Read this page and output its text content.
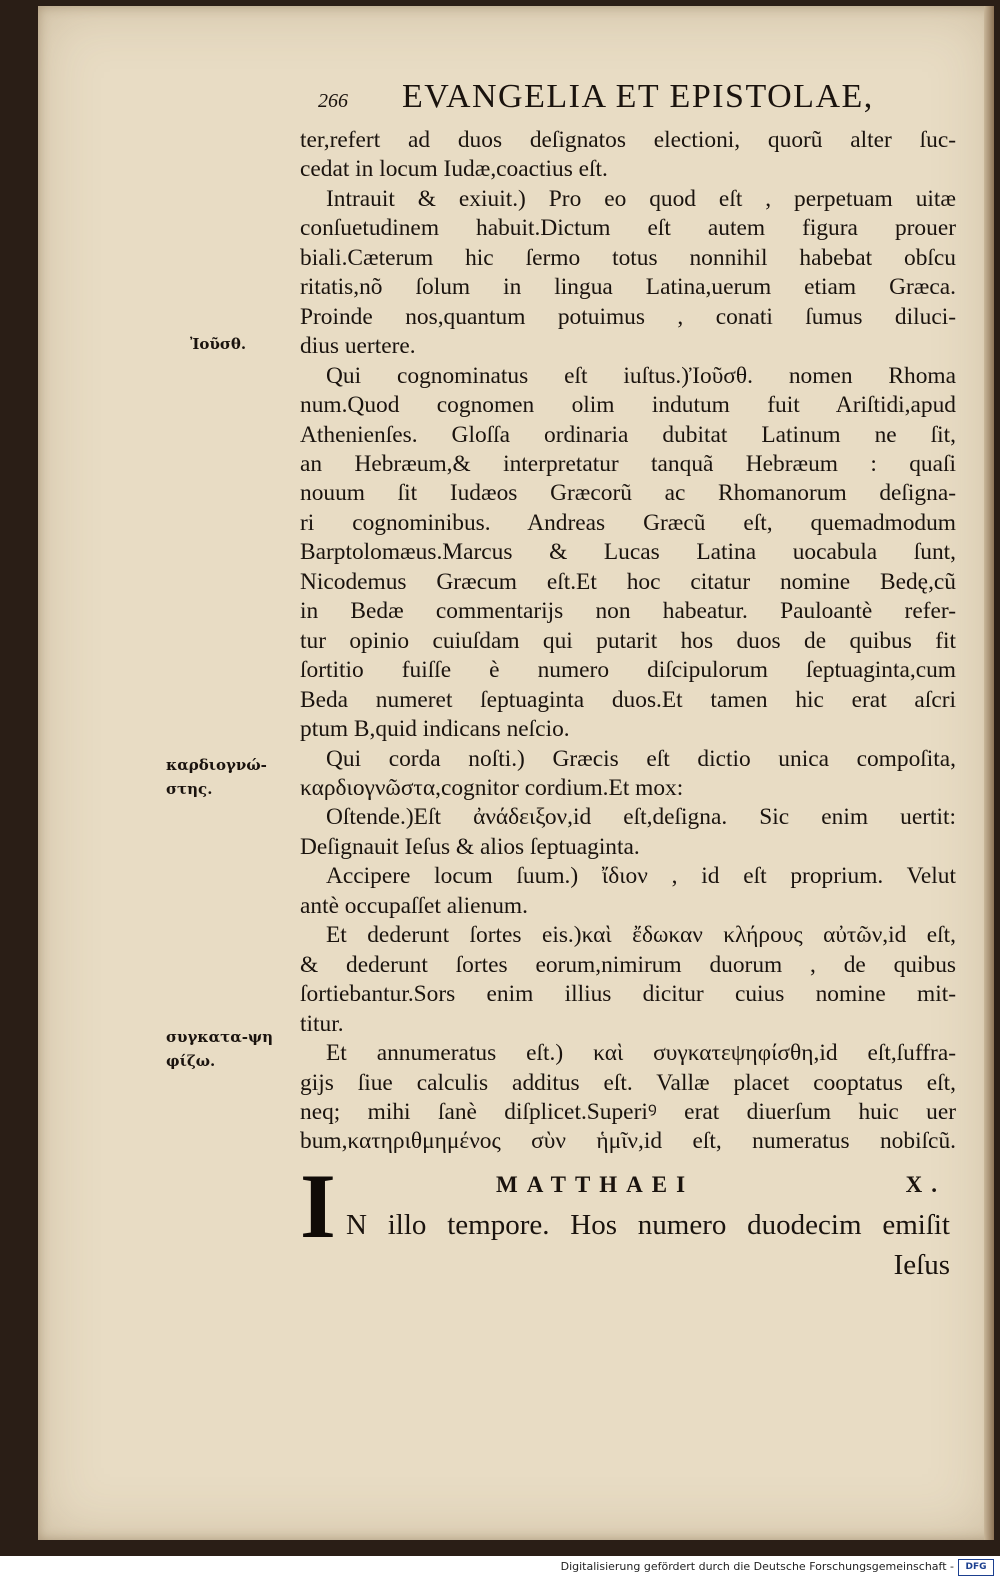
266 EVANGELIA ET EPISTOLAE,
Ἰοῦσθ.
καρδιογνώ-
στης.
συγκατα-ψη
φίζω.
ter,refert ad duos deſignatos electioni, quorũ alter ſuc-
cedat in locum Iudæ,coactius eſt.
Intrauit & exiuit.) Pro eo quod eſt , perpetuam uitæ
conſuetudinem habuit.Dictum eſt autem figura prouer
biali.Cæterum hic ſermo totus nonnihil habebat obſcu
ritatis,nõ ſolum in lingua Latina,uerum etiam Græca.
Proinde nos,quantum potuimus , conati ſumus diluci-
dius uertere.
Qui cognominatus eſt iuſtus.)Ἰοῦσθ. nomen Rhoma
num.Quod cognomen olim indutum fuit Ariſtidi,apud
Athenienſes. Gloſſa ordinaria dubitat Latinum ne ſit,
an Hebræum,& interpretatur tanquã Hebræum : quaſi
nouum ſit Iudæos Græcorũ ac Rhomanorum deſigna-
ri cognominibus. Andreas Græcũ eſt, quemadmodum
Barptolomæus.Marcus & Lucas Latina uocabula ſunt,
Nicodemus Græcum eſt.Et hoc citatur nomine Bedę,cũ
in Bedæ commentarijs non habeatur. Pauloantè refer-
tur opinio cuiuſdam qui putarit hos duos de quibus fit
ſortitio fuiſſe è numero diſcipulorum ſeptuaginta,cum
Beda numeret ſeptuaginta duos.Et tamen hic erat aſcri
ptum B,quid indicans neſcio.
Qui corda noſti.) Græcis eſt dictio unica compoſita,
καρδιογνῶστα,cognitor cordium.Et mox:
Oſtende.)Eſt ἀνάδειξον,id eſt,deſigna. Sic enim uertit:
Deſignauit Ieſus & alios ſeptuaginta.
Accipere locum ſuum.) ἴδιον , id eſt proprium. Velut
antè occupaſſet alienum.
Et dederunt ſortes eis.)καὶ ἔδωκαν κλήρους αὐτῶν,id eſt,
& dederunt ſortes eorum,nimirum duorum , de quibus
ſortiebantur.Sors enim illius dicitur cuius nomine mit-
titur.
Et annumeratus eſt.) καὶ συγκατεψηφίσθη,id eſt,ſuffra-
gijs ſiue calculis additus eſt. Vallæ placet cooptatus eſt,
neq; mihi ſanè diſplicet.Superiꝰ erat diuerſum huic uer
bum,κατηριθμημένος σὺν ἡμῖν,id eſt, numeratus nobiſcũ.
MATTHAEI	X.
I N illo tempore. Hos numero duodecim emiſit
Ieſus
Digitalisierung gefördert durch die Deutsche Forschungsgemeinschaft -	DFG
